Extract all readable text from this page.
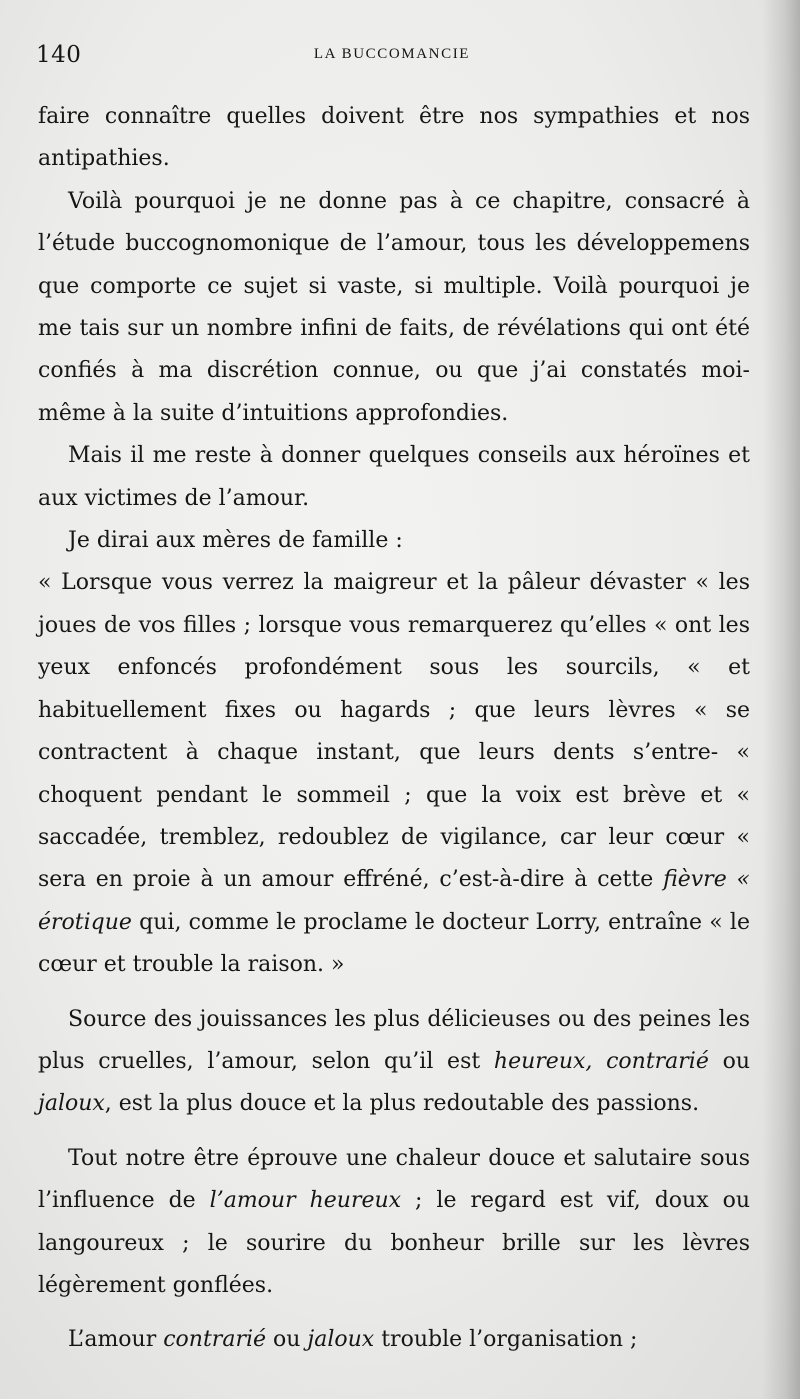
140	LA BUCCOMANCIE

faire connaître quelles doivent être nos sympathies et nos antipathies.

Voilà pourquoi je ne donne pas à ce chapitre, consacré à l’étude buccognomonique de l’amour, tous les développemens que comporte ce sujet si vaste, si multiple. Voilà pourquoi je me tais sur un nombre infini de faits, de révélations qui ont été confiés à ma discrétion connue, ou que j’ai constatés moi-même à la suite d’intuitions approfondies.

Mais il me reste à donner quelques conseils aux héroïnes et aux victimes de l’amour.

Je dirai aux mères de famille :

« Lorsque vous verrez la maigreur et la pâleur dévaster « les joues de vos filles ; lorsque vous remarquerez qu’elles « ont les yeux enfoncés profondément sous les sourcils, « et habituellement fixes ou hagards ; que leurs lèvres « se contractent à chaque instant, que leurs dents s’entre- « choquent pendant le sommeil ; que la voix est brève et « saccadée, tremblez, redoublez de vigilance, car leur cœur « sera en proie à un amour effréné, c’est-à-dire à cette fièvre « érotique qui, comme le proclame le docteur Lorry, entraîne « le cœur et trouble la raison. »

Source des jouissances les plus délicieuses ou des peines les plus cruelles, l’amour, selon qu’il est heureux, contrarié ou jaloux, est la plus douce et la plus redoutable des passions.

Tout notre être éprouve une chaleur douce et salutaire sous l’influence de l’amour heureux ; le regard est vif, doux ou langoureux ; le sourire du bonheur brille sur les lèvres légèrement gonflées.

L’amour contrarié ou jaloux trouble l’organisation ;
